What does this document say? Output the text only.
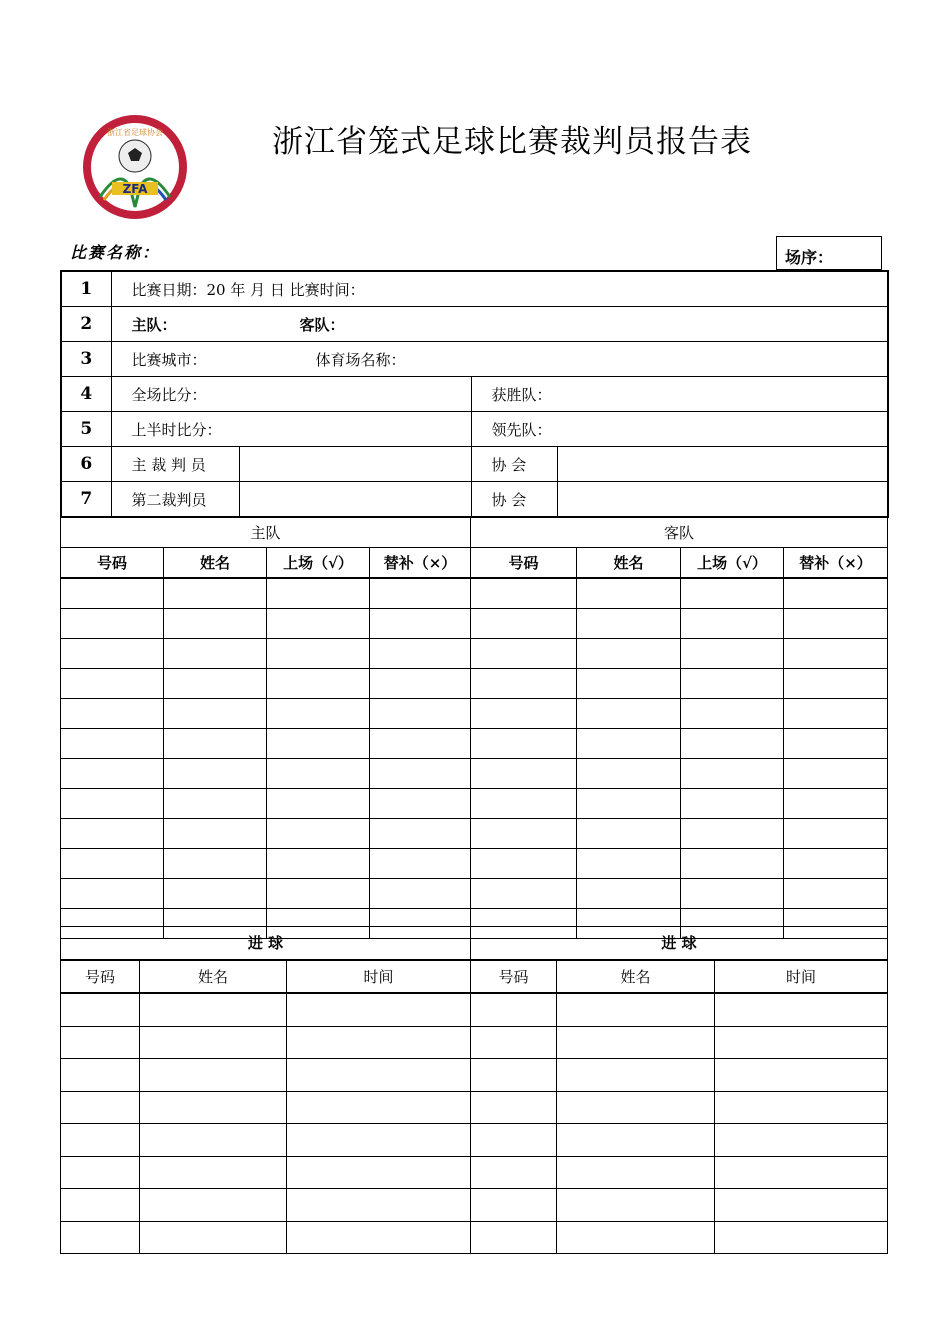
浙江省足球协会
ZFA
浙江省笼式足球比赛裁判员报告表
比赛名称：	场序：
1	比赛日期：20 年 月 日 比赛时间：			
2	主队： 客队：			
3	比赛城市： 体育场名称：			
4	全场比分：		获胜队：	
5	上半时比分：		领先队：	
6	主 裁 判 员		协 会	
7	第二裁判员		协 会	
主队				客队			
号码	姓名	上场（√）	替补（×）	号码	姓名	上场（√）	替补（×）

进 球			进 球		
号码	姓名	时间	号码	姓名	时间
